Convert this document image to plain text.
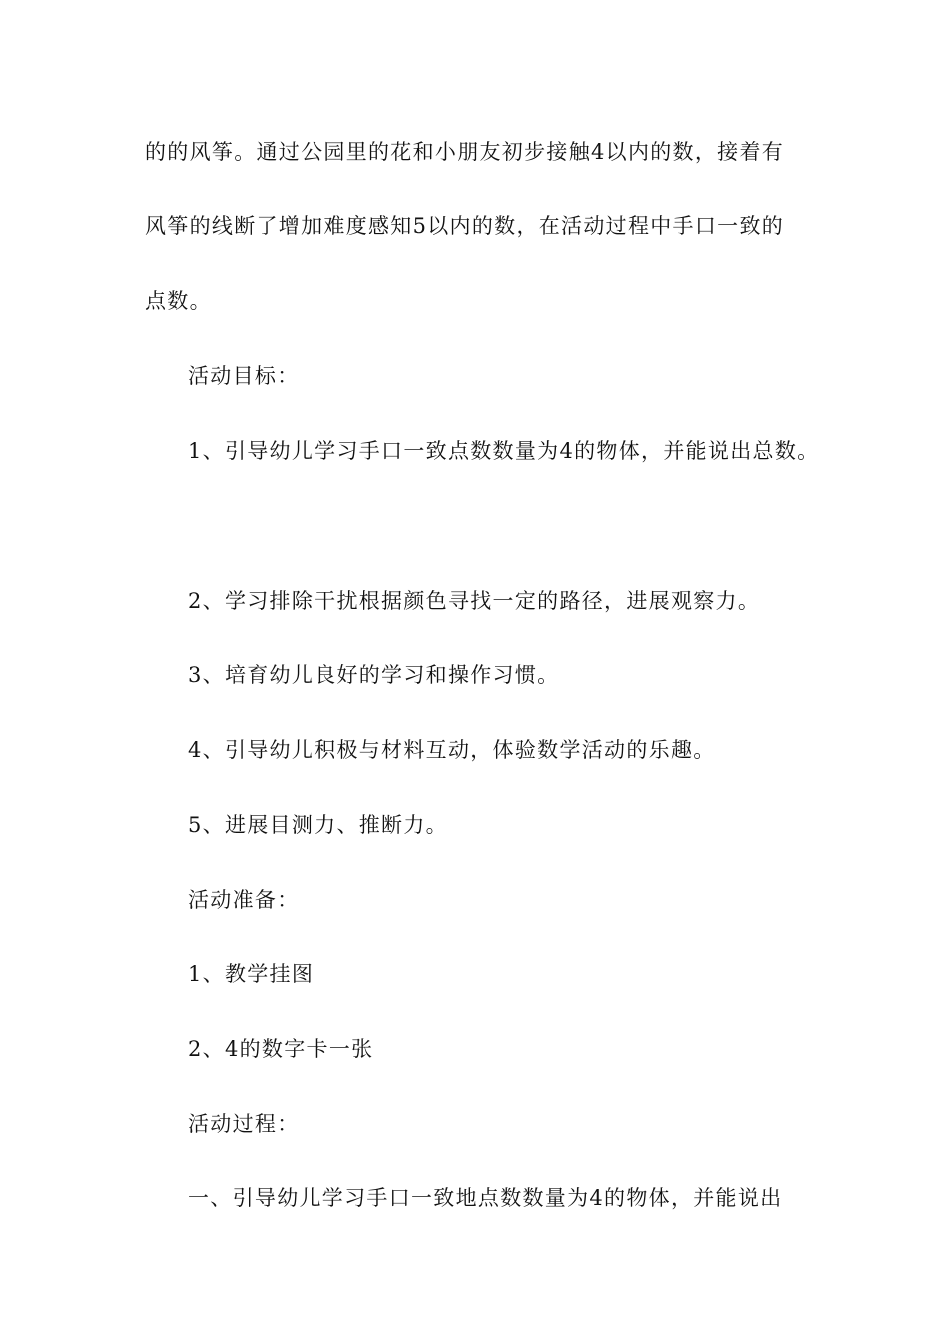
的的风筝。通过公园里的花和小朋友初步接触4以内的数，接着有
风筝的线断了增加难度感知5以内的数，在活动过程中手口一致的
点数。
活动目标：
1、引导幼儿学习手口一致点数数量为4的物体，并能说出总数。
2、学习排除干扰根据颜色寻找一定的路径，进展观察力。
3、培育幼儿良好的学习和操作习惯。
4、引导幼儿积极与材料互动，体验数学活动的乐趣。
5、进展目测力、推断力。
活动准备：
1、教学挂图
2、4的数字卡一张
活动过程：
一、引导幼儿学习手口一致地点数数量为4的物体，并能说出
